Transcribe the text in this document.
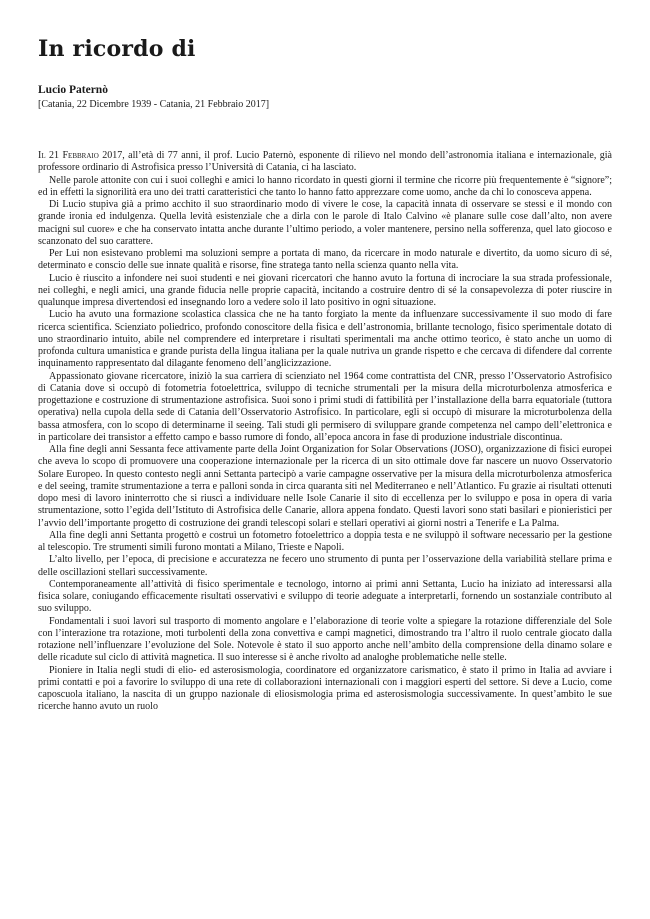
In ricordo di
Lucio Paternò
[Catania, 22 Dicembre 1939 - Catania, 21 Febbraio 2017]

Il 21 Febbraio 2017, all’età di 77 anni, il prof. Lucio Paternò, esponente di rilievo nel mondo dell’astronomia italiana e internazionale, già professore ordinario di Astrofisica presso l’Università di Catania, ci ha lasciato.

Nelle parole attonite con cui i suoi colleghi e amici lo hanno ricordato in questi giorni il termine che ricorre più frequentemente è “signore”; ed in effetti la signorilità era uno dei tratti caratteristici che tanto lo hanno fatto apprezzare come uomo, anche da chi lo conosceva appena.

Di Lucio stupiva già a primo acchito il suo straordinario modo di vivere le cose, la capacità innata di osservare se stessi e il mondo con grande ironia ed indulgenza. Quella levità esistenziale che a dirla con le parole di Italo Calvino «è planare sulle cose dall’alto, non avere macigni sul cuore» e che ha conservato intatta anche durante l’ultimo periodo, a voler mantenere, persino nella sofferenza, quel lato giocoso e scanzonato del suo carattere.

Per Lui non esistevano problemi ma soluzioni sempre a portata di mano, da ricercare in modo naturale e divertito, da uomo sicuro di sé, determinato e conscio delle sue innate qualità e risorse, fine stratega tanto nella scienza quanto nella vita.

Lucio è riuscito a infondere nei suoi studenti e nei giovani ricercatori che hanno avuto la fortuna di incrociare la sua strada professionale, nei colleghi, e negli amici, una grande fiducia nelle proprie capacità, incitando a costruire dentro di sé la consapevolezza di poter riuscire in qualunque impresa divertendosi ed insegnando loro a vedere solo il lato positivo in ogni situazione.

Lucio ha avuto una formazione scolastica classica che ne ha tanto forgiato la mente da influenzare successivamente il suo modo di fare ricerca scientifica. Scienziato poliedrico, profondo conoscitore della fisica e dell’astronomia, brillante tecnologo, fisico sperimentale dotato di uno straordinario intuito, abile nel comprendere ed interpretare i risultati sperimentali ma anche ottimo teorico, è stato anche un uomo di profonda cultura umanistica e grande purista della lingua italiana per la quale nutriva un grande rispetto e che cercava di difendere dal corrente inquinamento rappresentato dal dilagante fenomeno dell’anglicizzazione.

Appassionato giovane ricercatore, iniziò la sua carriera di scienziato nel 1964 come contrattista del CNR, presso l’Osservatorio Astrofisico di Catania dove si occupò di fotometria fotoelettrica, sviluppo di tecniche strumentali per la misura della microturbolenza atmosferica e progettazione e costruzione di strumentazione astrofisica. Suoi sono i primi studi di fattibilità per l’installazione della barra equatoriale (tuttora operativa) nella cupola della sede di Catania dell’Osservatorio Astrofisico. In particolare, egli si occupò di misurare la microturbolenza della bassa atmosfera, con lo scopo di determinarne il seeing. Tali studi gli permisero di sviluppare grande competenza nel campo dell’elettronica e in particolare dei transistor a effetto campo e basso rumore di fondo, all’epoca ancora in fase di produzione industriale discontinua.

Alla fine degli anni Sessanta fece attivamente parte della Joint Organization for Solar Observations (JOSO), organizzazione di fisici europei che aveva lo scopo di promuovere una cooperazione internazionale per la ricerca di un sito ottimale dove far nascere un nuovo Osservatorio Solare Europeo. In questo contesto negli anni Settanta partecipò a varie campagne osservative per la misura della microturbolenza atmosferica e del seeing, tramite strumentazione a terra e palloni sonda in circa quaranta siti nel Mediterraneo e nell’Atlantico. Fu grazie ai risultati ottenuti dopo mesi di lavoro ininterrotto che si riuscì a individuare nelle Isole Canarie il sito di eccellenza per lo sviluppo e posa in opera di varia strumentazione, sotto l’egida dell’Istituto di Astrofisica delle Canarie, allora appena fondato. Questi lavori sono stati basilari e pionieristici per l’avvio dell’importante progetto di costruzione dei grandi telescopi solari e stellari operativi ai giorni nostri a Tenerife e La Palma.

Alla fine degli anni Settanta progettò e costruì un fotometro fotoelettrico a doppia testa e ne sviluppò il software necessario per la gestione al telescopio. Tre strumenti simili furono montati a Milano, Trieste e Napoli.

L’alto livello, per l’epoca, di precisione e accuratezza ne fecero uno strumento di punta per l’osservazione della variabilità stellare prima e delle oscillazioni stellari successivamente.

Contemporaneamente all’attività di fisico sperimentale e tecnologo, intorno ai primi anni Settanta, Lucio ha iniziato ad interessarsi alla fisica solare, coniugando efficacemente risultati osservativi e sviluppo di teorie adeguate a interpretarli, fornendo un sostanziale contributo al suo sviluppo.

Fondamentali i suoi lavori sul trasporto di momento angolare e l’elaborazione di teorie volte a spiegare la rotazione differenziale del Sole con l’interazione tra rotazione, moti turbolenti della zona convettiva e campi magnetici, dimostrando tra l’altro il ruolo centrale giocato dalla rotazione nell’influenzare l’evoluzione del Sole. Notevole è stato il suo apporto anche nell’ambito della comprensione della dinamo solare e delle ricadute sul ciclo di attività magnetica. Il suo interesse si è anche rivolto ad analoghe problematiche nelle stelle.

Pioniere in Italia negli studi di elio- ed asterosismologia, coordinatore ed organizzatore carismatico, è stato il primo in Italia ad avviare i primi contatti e poi a favorire lo sviluppo di una rete di collaborazioni internazionali con i maggiori esperti del settore. Si deve a Lucio, come caposcuola italiano, la nascita di un gruppo nazionale di eliosismologia prima ed asterosismologia successivamente. In quest’ambito le sue ricerche hanno avuto un ruolo
